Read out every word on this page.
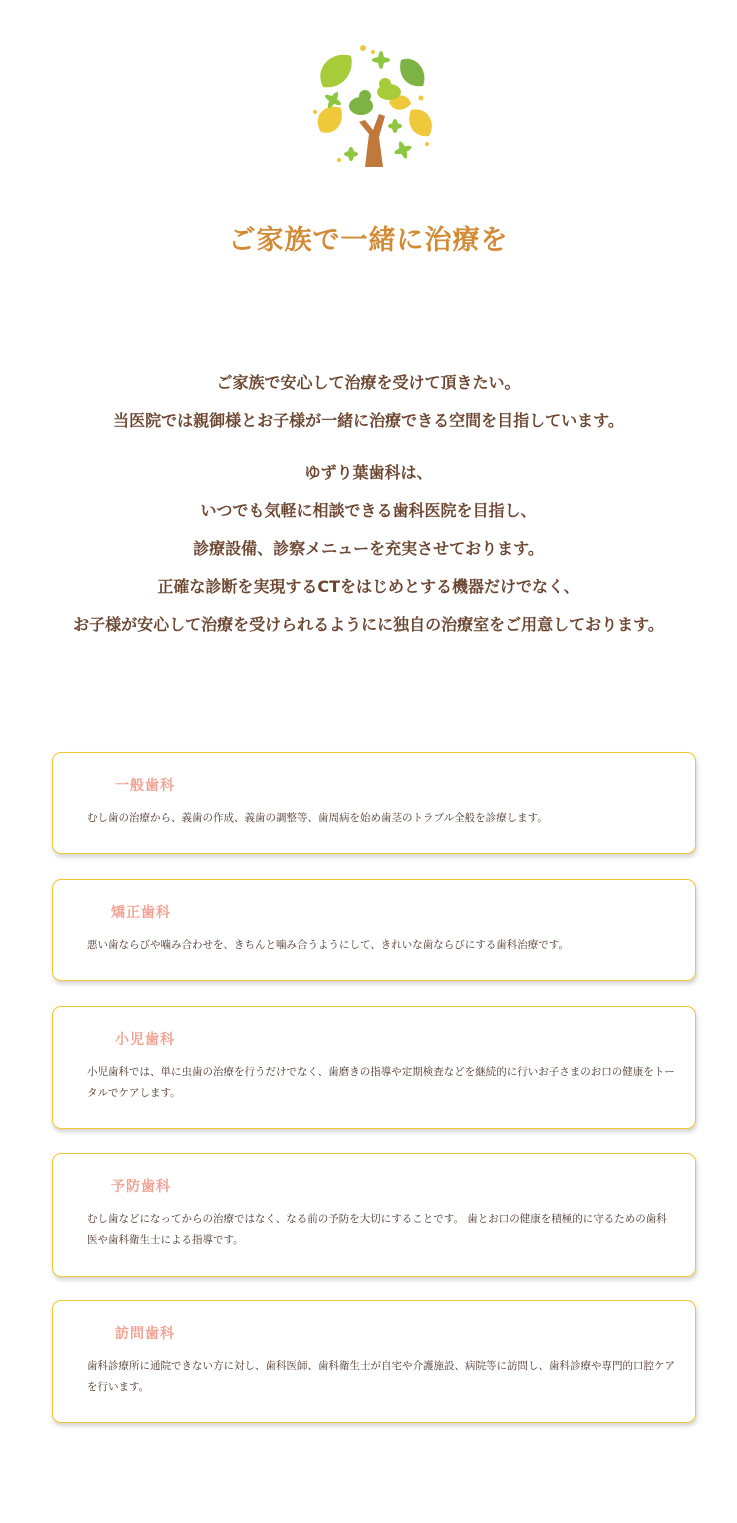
ご家族で一緒に治療を

ご家族で安心して治療を受けて頂きたい。

当医院では親御様とお子様が一緒に治療できる空間を目指しています。

ゆずり葉歯科は、

いつでも気軽に相談できる歯科医院を目指し、

診療設備、診察メニューを充実させております。

正確な診断を実現するCTをはじめとする機器だけでなく、

お子様が安心して治療を受けられるようにに独自の治療室をご用意しております。

一般歯科
むし歯の治療から、義歯の作成、義歯の調整等、歯周病を始め歯茎のトラブル全般を診療します。
矯正歯科
悪い歯ならびや噛み合わせを、きちんと噛み合うようにして、きれいな歯ならびにする歯科治療です。
小児歯科
小児歯科では、単に虫歯の治療を行うだけでなく、歯磨きの指導や定期検査などを継続的に行いお子さまのお口の健康をトータルでケアします。
予防歯科
むし歯などになってからの治療ではなく、なる前の予防を大切にすることです。 歯とお口の健康を積極的に守るための歯科医や歯科衛生士による指導です。
訪問歯科
歯科診療所に通院できない方に対し、歯科医師、歯科衛生士が自宅や介護施設、病院等に訪問し、歯科診療や専門的口腔ケアを行います。
